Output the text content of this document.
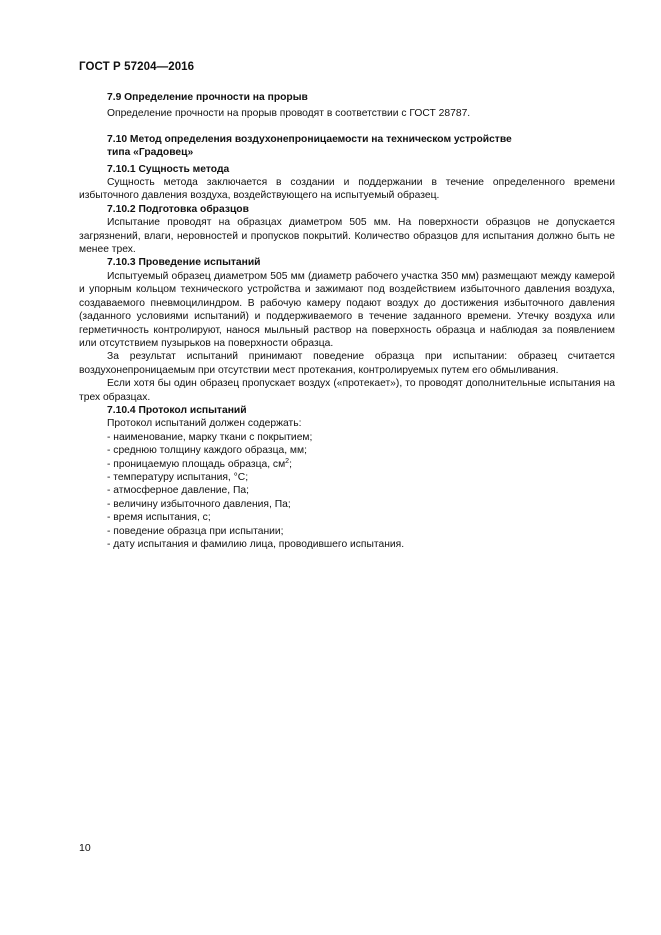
ГОСТ Р 57204—2016
7.9 Определение прочности на прорыв
Определение прочности на прорыв проводят в соответствии с ГОСТ 28787.
7.10 Метод определения воздухонепроницаемости на техническом устройстве
типа «Градовец»
7.10.1 Сущность метода
Сущность метода заключается в создании и поддержании в течение определенного времени избыточного давления воздуха, воздействующего на испытуемый образец.
7.10.2 Подготовка образцов
Испытание проводят на образцах диаметром 505 мм. На поверхности образцов не допускается загрязнений, влаги, неровностей и пропусков покрытий. Количество образцов для испытания должно быть не менее трех.
7.10.3 Проведение испытаний
Испытуемый образец диаметром 505 мм (диаметр рабочего участка 350 мм) размещают между камерой и упорным кольцом технического устройства и зажимают под воздействием избыточного давления воздуха, создаваемого пневмоцилиндром. В рабочую камеру подают воздух до достижения избыточного давления (заданного условиями испытаний) и поддерживаемого в течение заданного времени. Утечку воздуха или герметичность контролируют, нанося мыльный раствор на поверхность образца и наблюдая за появлением или отсутствием пузырьков на поверхности образца.
За результат испытаний принимают поведение образца при испытании: образец считается воздухонепроницаемым при отсутствии мест протекания, контролируемых путем его обмыливания.
Если хотя бы один образец пропускает воздух («протекает»), то проводят дополнительные испытания на трех образцах.
7.10.4 Протокол испытаний
Протокол испытаний должен содержать:
- наименование, марку ткани с покрытием;
- среднюю толщину каждого образца, мм;
- проницаемую площадь образца, $см^2$;
- температуру испытания, °С;
- атмосферное давление, Па;
- величину избыточного давления, Па;
- время испытания, с;
- поведение образца при испытании;
- дату испытания и фамилию лица, проводившего испытания.
10
